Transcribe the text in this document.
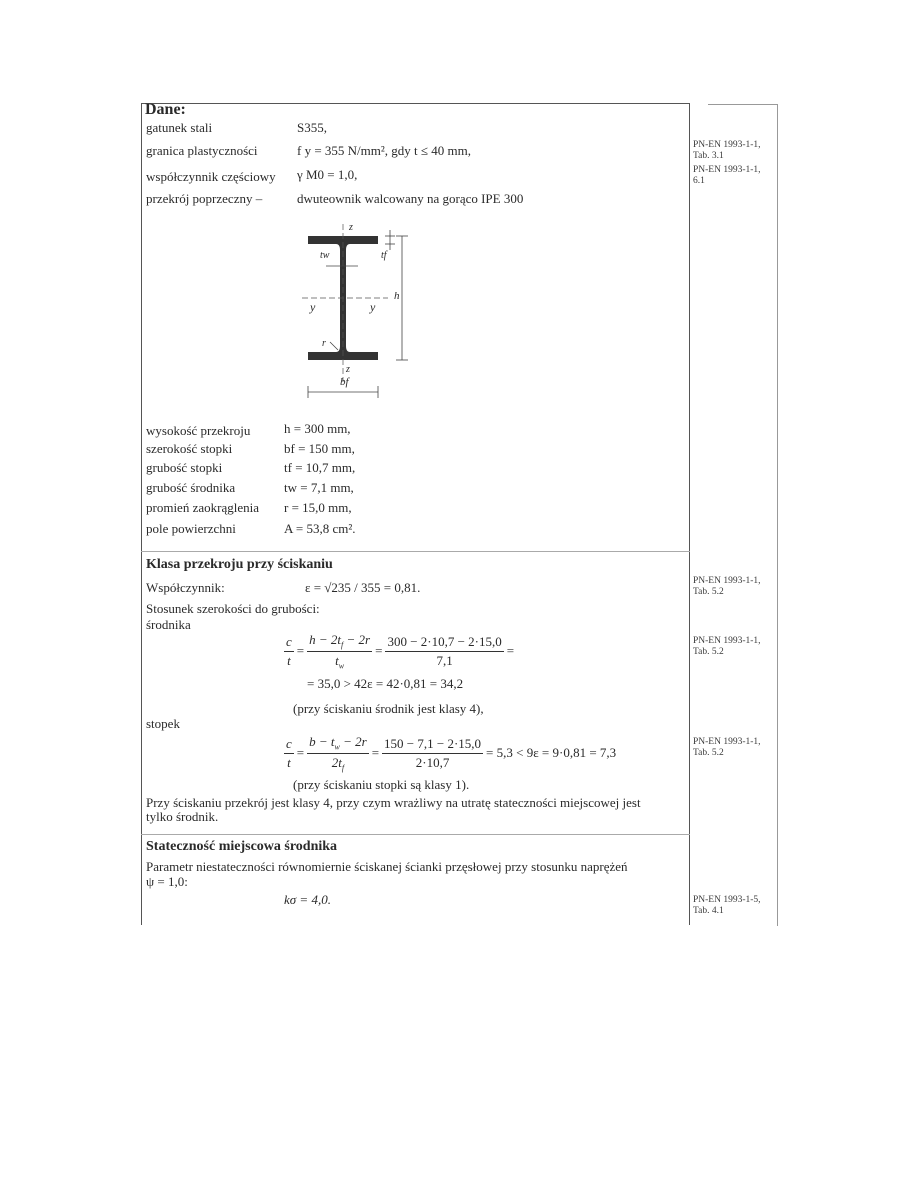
Dane:
gatunek stali	S355,
granica plastyczności	f y = 355 N/mm², gdy t ≤ 40 mm,
współczynnik częściowy γ M0 = 1,0,
przekrój poprzeczny –	dwuteownik walcowany na gorąco IPE 300
z
tw	tf
h
y	y
r
z
bf
wysokość przekroju	h = 300 mm,
szerokość stopki	bf = 150 mm,
grubość stopki	tf = 10,7 mm,
grubość środnika	tw = 7,1 mm,
promień zaokrąglenia r = 15,0 mm,
pole powierzchni	A = 53,8 cm².
Klasa przekroju przy ściskaniu
Współczynnik:	ε = √235 / 355 = 0,81.
Stosunek szerokości do grubości:
środnika
$\frac{c}{t} = \frac{h - 2t_f - 2r}{t_w} = \frac{300 - 2\cdot 10,7 - 2\cdot 15,0}{7,1}$ =
= 35,0 > 42ε = 42·0,81 = 34,2
(przy ściskaniu środnik jest klasy 4),
stopek
$\frac{c}{t} = \frac{b - t_w - 2r}{2t_f} = \frac{150 - 7,1 - 2\cdot 15,0}{2\cdot 10,7} = 5,3 < 9\varepsilon = 9\cdot 0,81 = 7,3$
(przy ściskaniu stopki są klasy 1).
Przy ściskaniu przekrój jest klasy 4, przy czym wrażliwy na utratę stateczności miejscowej jest
tylko środnik.
Stateczność miejscowa środnika
Parametr niestateczności równomiernie ściskanej ścianki przęsłowej przy stosunku naprężeń
ψ = 1,0:
kσ = 4,0.
PN-EN 1993-1-1, Tab. 3.1
PN-EN 1993-1-1, 6.1
PN-EN 1993-1-1, Tab. 5.2
PN-EN 1993-1-1, Tab. 5.2
PN-EN 1993-1-1, Tab. 5.2
PN-EN 1993-1-5, Tab. 4.1
